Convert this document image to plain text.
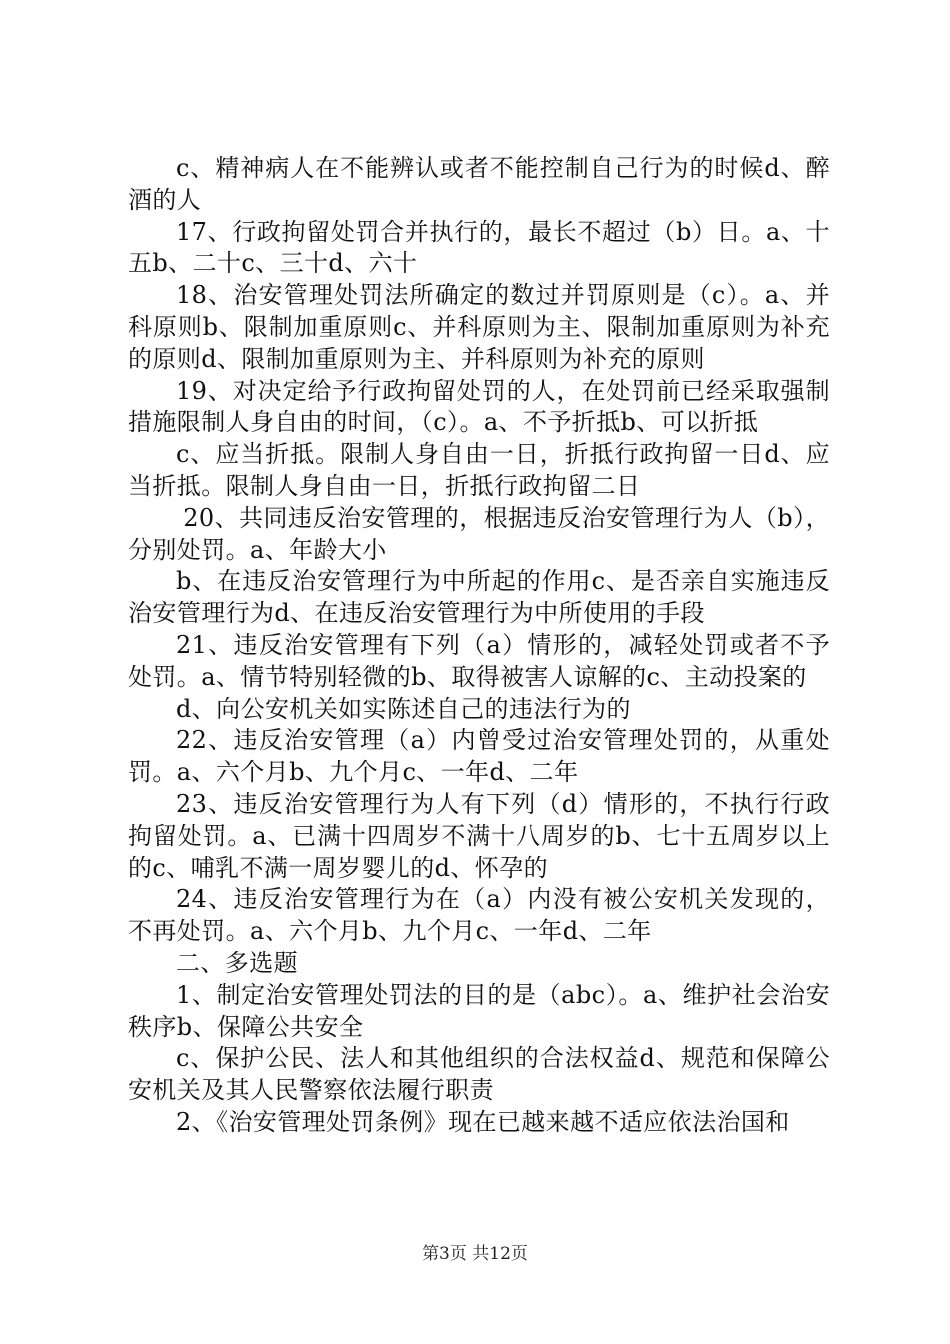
c、精神病人在不能辨认或者不能控制自己行为的时候d、醉酒的人

17、行政拘留处罚合并执行的，最长不超过（b）日。a、十五b、二十c、三十d、六十

18、治安管理处罚法所确定的数过并罚原则是（c）。a、并科原则b、限制加重原则c、并科原则为主、限制加重原则为补充的原则d、限制加重原则为主、并科原则为补充的原则

19、对决定给予行政拘留处罚的人，在处罚前已经采取强制措施限制人身自由的时间，（c）。a、不予折抵b、可以折抵

c、应当折抵。限制人身自由一日，折抵行政拘留一日d、应当折抵。限制人身自由一日，折抵行政拘留二日

20、共同违反治安管理的，根据违反治安管理行为人（b），分别处罚。a、年龄大小

b、在违反治安管理行为中所起的作用c、是否亲自实施违反治安管理行为d、在违反治安管理行为中所使用的手段

21、违反治安管理有下列（a）情形的，减轻处罚或者不予处罚。a、情节特别轻微的b、取得被害人谅解的c、主动投案的

d、向公安机关如实陈述自己的违法行为的

22、违反治安管理（a）内曾受过治安管理处罚的，从重处罚。a、六个月b、九个月c、一年d、二年

23、违反治安管理行为人有下列（d）情形的，不执行行政拘留处罚。a、已满十四周岁不满十八周岁的b、七十五周岁以上的c、哺乳不满一周岁婴儿的d、怀孕的

24、违反治安管理行为在（a）内没有被公安机关发现的，不再处罚。a、六个月b、九个月c、一年d、二年

二、多选题

1、制定治安管理处罚法的目的是（abc）。a、维护社会治安秩序b、保障公共安全

c、保护公民、法人和其他组织的合法权益d、规范和保障公安机关及其人民警察依法履行职责

2、《治安管理处罚条例》现在已越来越不适应依法治国和

第3页 共12页
